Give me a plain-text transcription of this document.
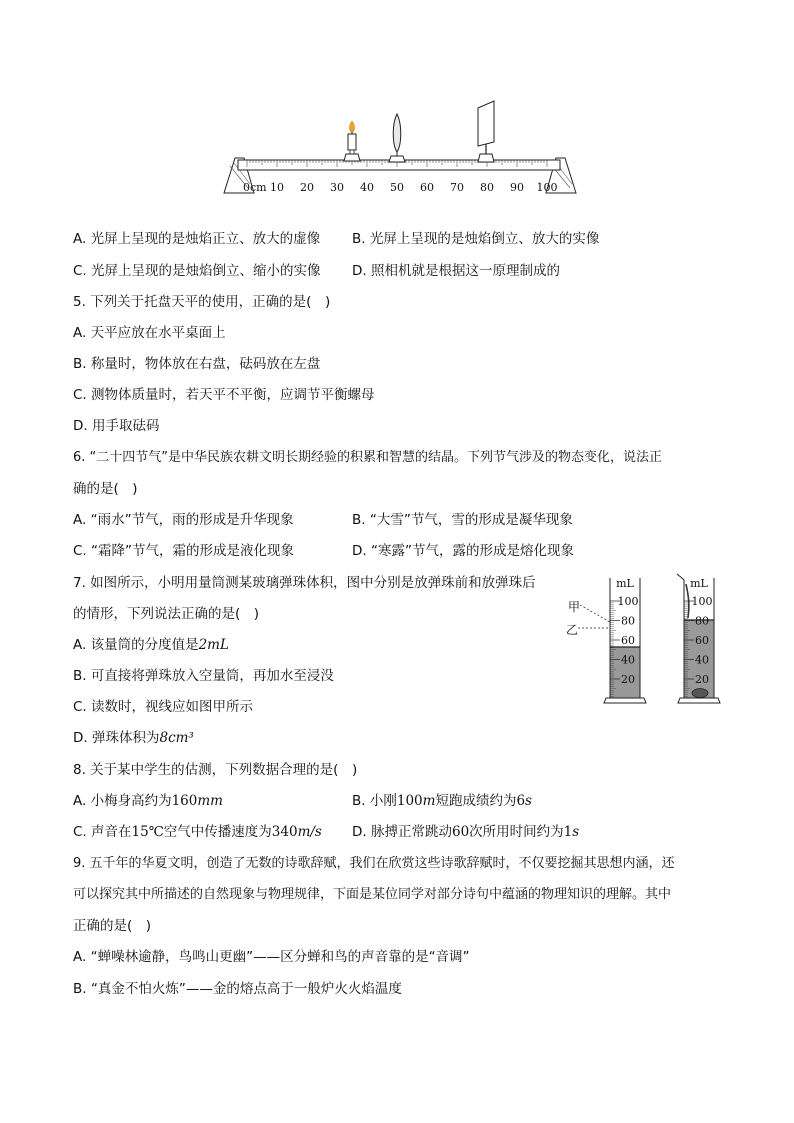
0cm 10 20 30 40 50 60 70 80 90 100
A. 光屏上呈现的是烛焰正立、放大的虚像 B. 光屏上呈现的是烛焰倒立、放大的实像
C. 光屏上呈现的是烛焰倒立、缩小的实像 D. 照相机就是根据这一原理制成的
5. 下列关于托盘天平的使用，正确的是(　)
A. 天平应放在水平桌面上
B. 称量时，物体放在右盘，砝码放在左盘
C. 测物体质量时，若天平不平衡，应调节平衡螺母
D. 用手取砝码
6. “二十四节气”是中华民族农耕文明长期经验的积累和智慧的结晶。下列节气涉及的物态变化，说法正
确的是(　)
A. “雨水”节气，雨的形成是升华现象	B. “大雪”节气，雪的形成是凝华现象
C. “霜降”节气，霜的形成是液化现象	D. “寒露”节气，露的形成是熔化现象
7. 如图所示，小明用量筒测某玻璃弹珠体积，图中分别是放弹珠前和放弹珠后
的情形，下列说法正确的是(　)
A. 该量筒的分度值是2mL
B. 可直接将弹珠放入空量筒，再加水至浸没
C. 读数时，视线应如图甲所示
D. 弹珠体积为8cm³
甲
乙
mL
100
80
60
40
20
mL
100
80
60
40
20
8. 关于某中学生的估测，下列数据合理的是(　)
A. 小梅身高约为160mm	B. 小刚100m短跑成绩约为6s
C. 声音在15℃空气中传播速度为340m/s D. 脉搏正常跳动60次所用时间约为1s
9. 五千年的华夏文明，创造了无数的诗歌辞赋，我们在欣赏这些诗歌辞赋时，不仅要挖掘其思想内涵，还
可以探究其中所描述的自然现象与物理规律，下面是某位同学对部分诗句中蕴涵的物理知识的理解。其中
正确的是(　)
A. “蝉噪林逾静，鸟鸣山更幽”——区分蝉和鸟的声音靠的是“音调”
B. “真金不怕火炼”——金的熔点高于一般炉火火焰温度
